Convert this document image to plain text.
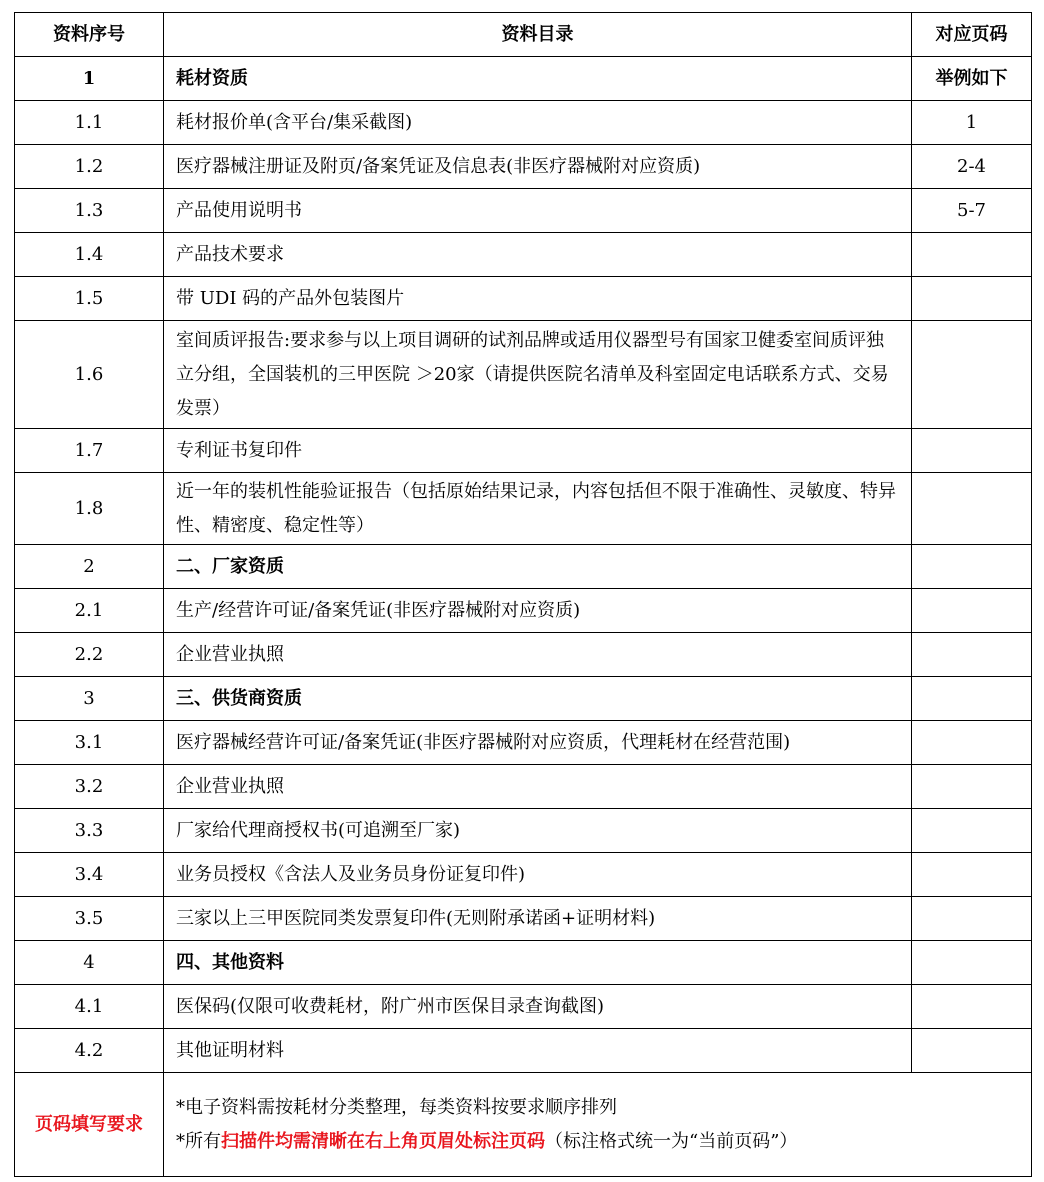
资料序号	资料目录	对应页码
1	耗材资质	举例如下
1.1	耗材报价单(含平台/集采截图)	1
1.2	医疗器械注册证及附页/备案凭证及信息表(非医疗器械附对应资质)	2-4
1.3	产品使用说明书	5-7
1.4	产品技术要求	
1.5	带 UDI 码的产品外包装图片	
1.6	室间质评报告:要求参与以上项目调研的试剂品牌或适用仪器型号有国家卫健委室间质评独立分组，全国装机的三甲医院 ＞20家（请提供医院名清单及科室固定电话联系方式、交易发票）	
1.7	专利证书复印件	
1.8	近一年的装机性能验证报告（包括原始结果记录，内容包括但不限于准确性、灵敏度、特异性、精密度、稳定性等）	
2	二、厂家资质	
2.1	生产/经营许可证/备案凭证(非医疗器械附对应资质)	
2.2	企业营业执照	
3	三、供货商资质	
3.1	医疗器械经营许可证/备案凭证(非医疗器械附对应资质，代理耗材在经营范围)	
3.2	企业营业执照	
3.3	厂家给代理商授权书(可追溯至厂家)	
3.4	业务员授权《含法人及业务员身份证复印件)	
3.5	三家以上三甲医院同类发票复印件(无则附承诺函+证明材料)	
4	四、其他资料	
4.1	医保码(仅限可收费耗材，附广州市医保目录查询截图)	
4.2	其他证明材料	
页码填写要求	*电子资料需按耗材分类整理，每类资料按要求顺序排列
*所有扫描件均需清晰在右上角页眉处标注页码（标注格式统一为“当前页码”）	
